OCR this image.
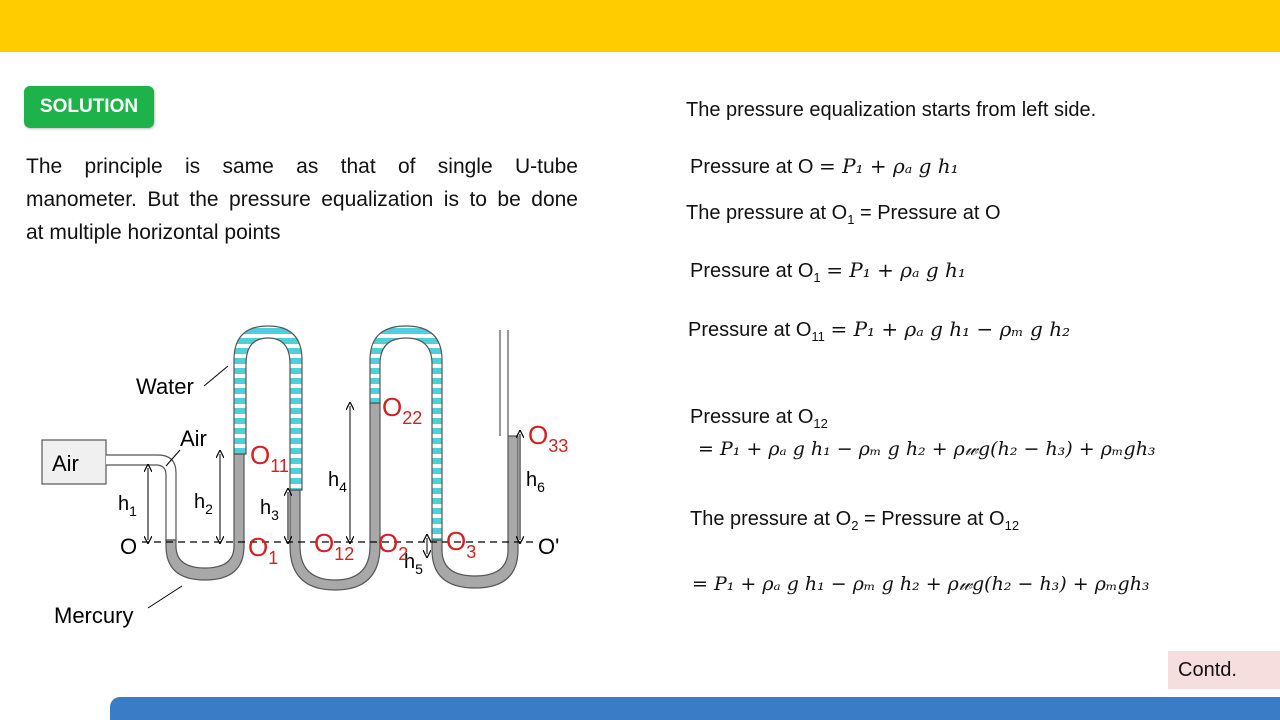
SOLUTION
The principle is same as that of single U-tube
manometer. But the pressure equalization is to be done
at multiple horizontal points
Air
O	O'
$h_1$	$h_2$ $h_3$
$h_4$
$h_5$
$h_6$
$O_{11}$
$O_1$ $O_{12}$ $O_2$
$O_{22}$
$O_3$
$O_{33}$
Water
Air
Mercury
The pressure equalization starts from left side.
Pressure at O = P₁ + ρₐ g h₁
The pressure at $O_1$ = Pressure at O
Pressure at $O_1 = P_1 + \rho_a$ g h₁
Pressure at $O_{11} = P_1 + \rho_a$ g h₁ − ρₘ g h₂
Pressure at $O_{12}$
= P₁ + ρₐ g h₁ − ρₘ g h₂ + ρ𝓌g(h₂ − h₃) + ρₘgh₃
The pressure at $O_2$ = Pressure at $O_{12}$
= P₁ + ρₐ g h₁ − ρₘ g h₂ + ρ𝓌g(h₂ − h₃) + ρₘgh₃
Contd.
